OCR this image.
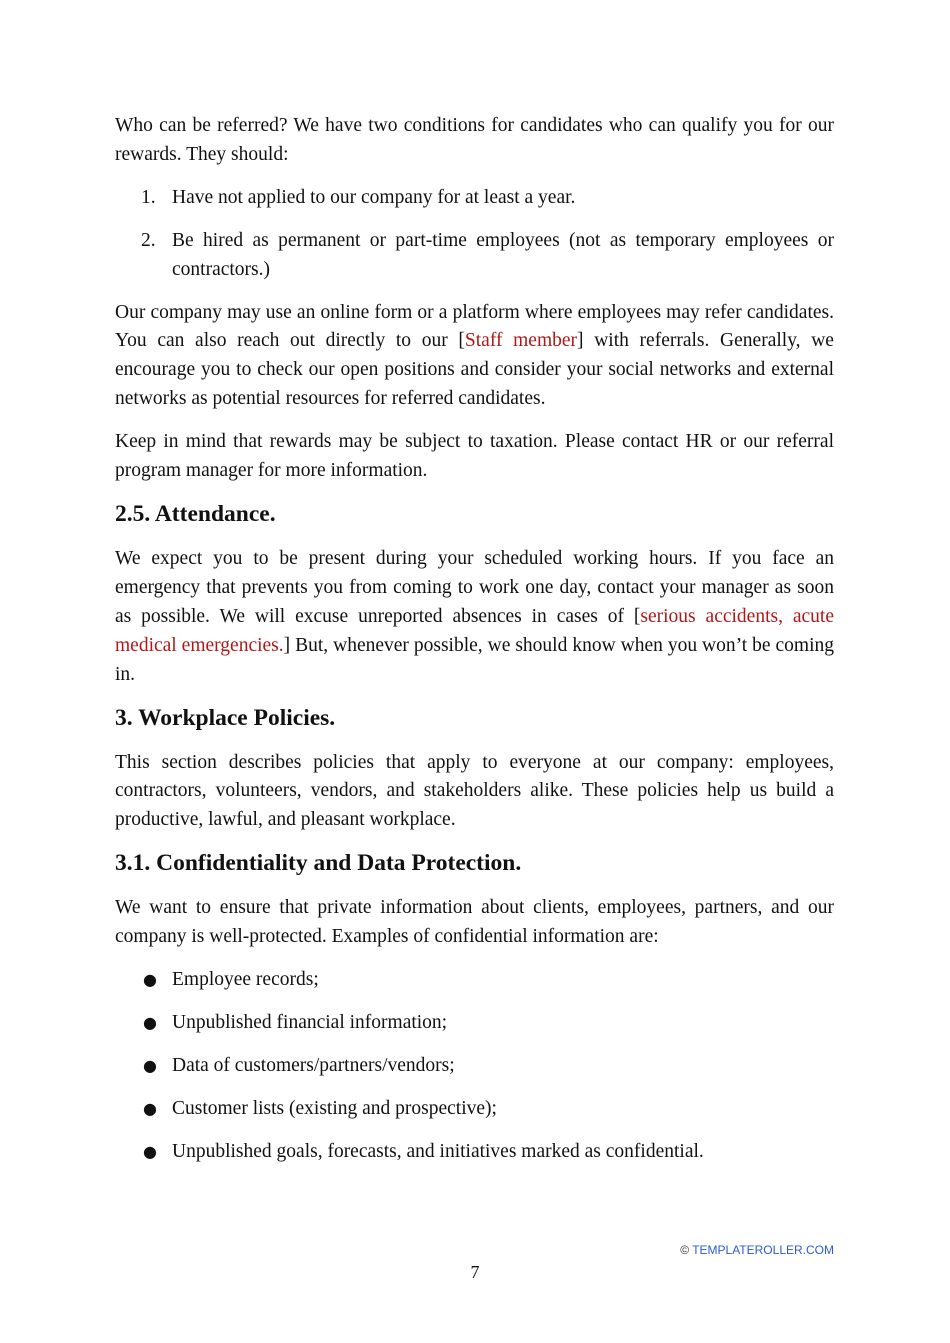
Who can be referred? We have two conditions for candidates who can qualify you for our rewards. They should:

1. Have not applied to our company for at least a year.
2. Be hired as permanent or part-time employees (not as temporary employees or contractors.)

Our company may use an online form or a platform where employees may refer candidates. You can also reach out directly to our [Staff member] with referrals. Generally, we encourage you to check our open positions and consider your social networks and external networks as potential resources for referred candidates.

Keep in mind that rewards may be subject to taxation. Please contact HR or our referral program manager for more information.

2.5. Attendance.

We expect you to be present during your scheduled working hours. If you face an emergency that prevents you from coming to work one day, contact your manager as soon as possible. We will excuse unreported absences in cases of [serious accidents, acute medical emergencies.] But, whenever possible, we should know when you won’t be coming in.

3. Workplace Policies.

This section describes policies that apply to everyone at our company: employees, contractors, volunteers, vendors, and stakeholders alike. These policies help us build a productive, lawful, and pleasant workplace.

3.1. Confidentiality and Data Protection.

We want to ensure that private information about clients, employees, partners, and our company is well-protected. Examples of confidential information are:

● Employee records;
● Unpublished financial information;
● Data of customers/partners/vendors;
● Customer lists (existing and prospective);
● Unpublished goals, forecasts, and initiatives marked as confidential.
© TEMPLATEROLLER.COM
7
